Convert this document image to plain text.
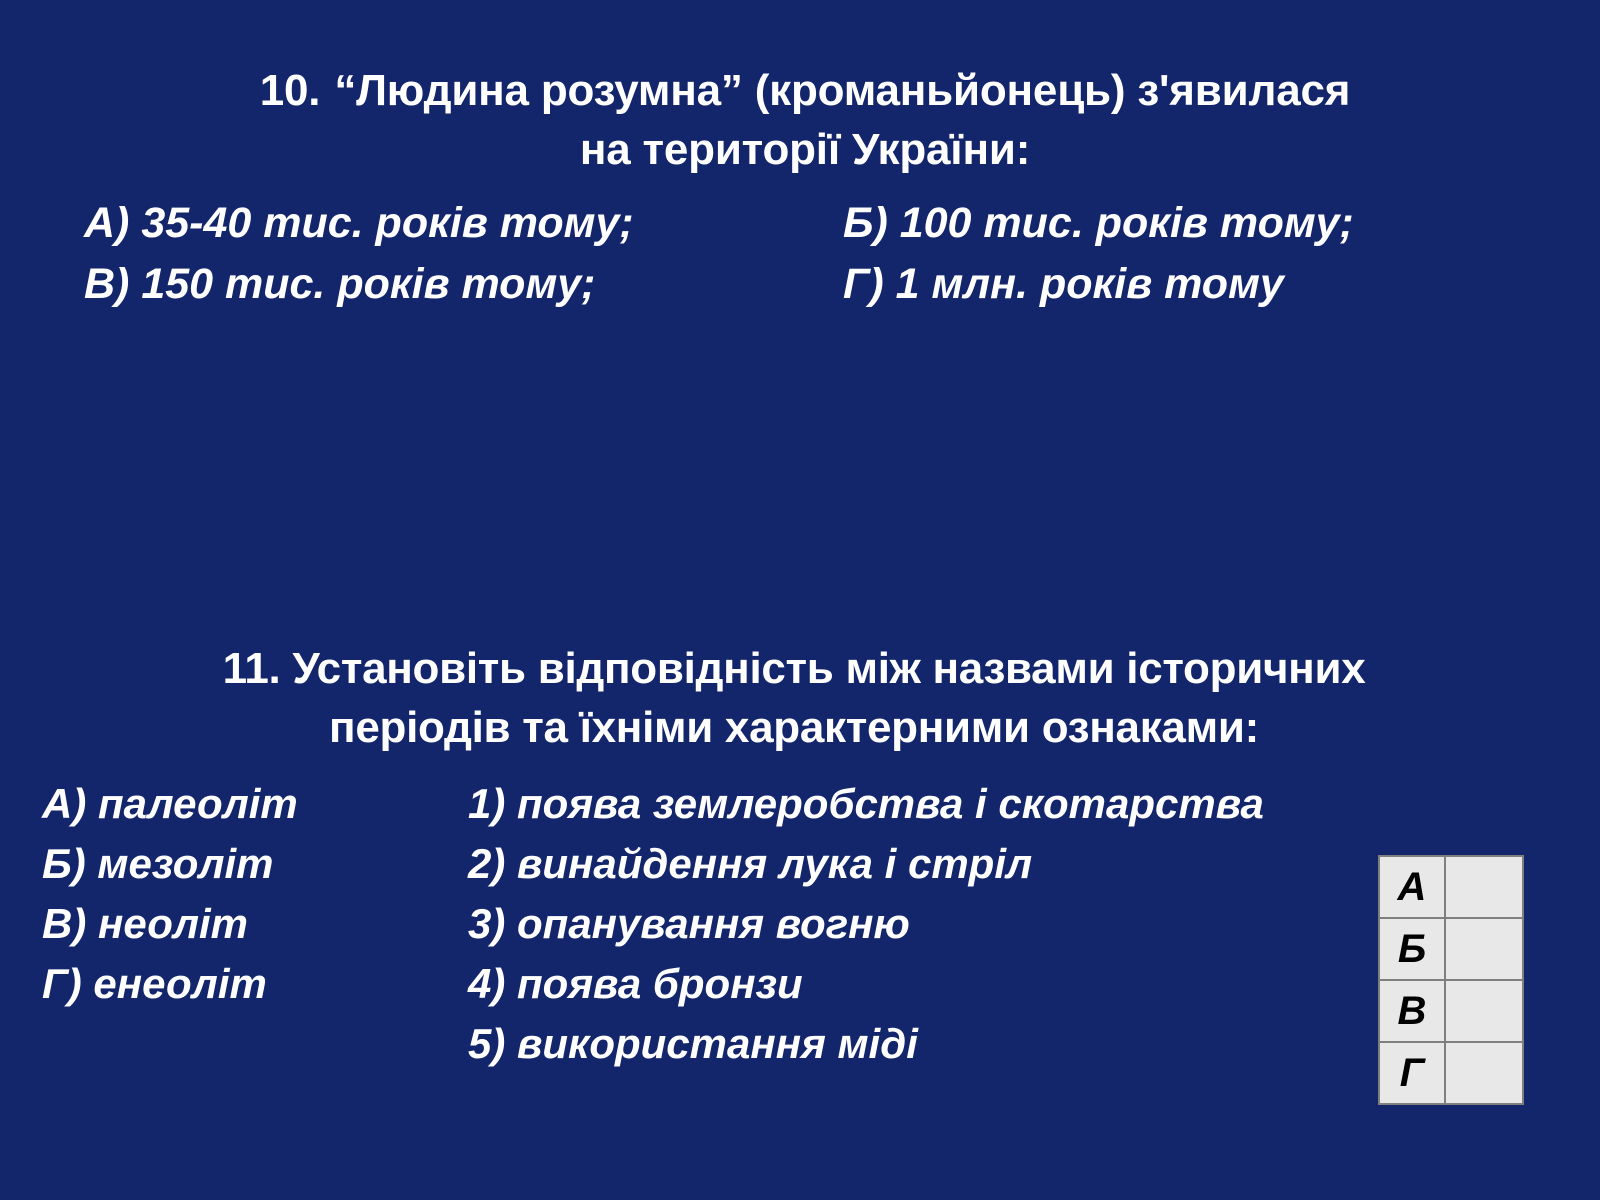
10. “Людина розумна” (кроманьйонець) з'явилася
на території України:
А) 35-40 тис. років тому;	Б) 100 тис. років тому;
В) 150 тис. років тому;	Г) 1 млн. років тому
11. Установіть відповідність між назвами історичних
періодів та їхніми характерними ознаками:
А) палеоліт	1) поява землеробства і скотарства
Б) мезоліт	2) винайдення лука і стріл
В) неоліт	3) опанування вогню
Г) енеоліт	4) поява бронзи
5) використання міді
А	
Б	
В	
Г	
